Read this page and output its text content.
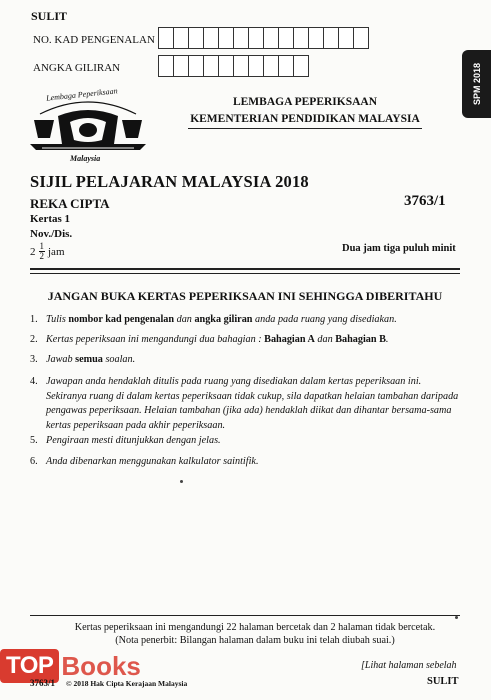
SULIT
NO. KAD PENGENALAN
ANGKA GILIRAN	SPM 2018
Lembaga Peperiksaan
Malaysia
LEMBAGA PEPERIKSAAN
KEMENTERIAN PENDIDIKAN MALAYSIA
SIJIL PELAJARAN MALAYSIA 2018
REKA CIPTA	3763/1
Kertas 1
Nov./Dis.
$2 \frac{1}{2}$ jam	Dua jam tiga puluh minit
JANGAN BUKA KERTAS PEPERIKSAAN INI SEHINGGA DIBERITAHU
1. Tulis nombor kad pengenalan dan angka giliran anda pada ruang yang disediakan.
2. Kertas peperiksaan ini mengandungi dua bahagian : Bahagian A dan Bahagian B.
3. Jawab semua soalan.
4. Jawapan anda hendaklah ditulis pada ruang yang disediakan dalam kertas peperiksaan ini. Sekiranya ruang di dalam kertas peperiksaan tidak cukup, sila dapatkan helaian tambahan daripada pengawas peperiksaan. Helaian tambahan (jika ada) hendaklah diikat dan dihantar bersama-sama kertas peperiksaan pada akhir peperiksaan.
5. Pengiraan mesti ditunjukkan dengan jelas.
6. Anda dibenarkan menggunakan kalkulator saintifik.
Kertas peperiksaan ini mengandungi 22 halaman bercetak dan 2 halaman tidak bercetak.
(Nota penerbit: Bilangan halaman dalam buku ini telah diubah suai.)
TOP Books	[Lihat halaman sebelah
3763/1 © 2018 Hak Cipta Kerajaan Malaysia	SULIT
